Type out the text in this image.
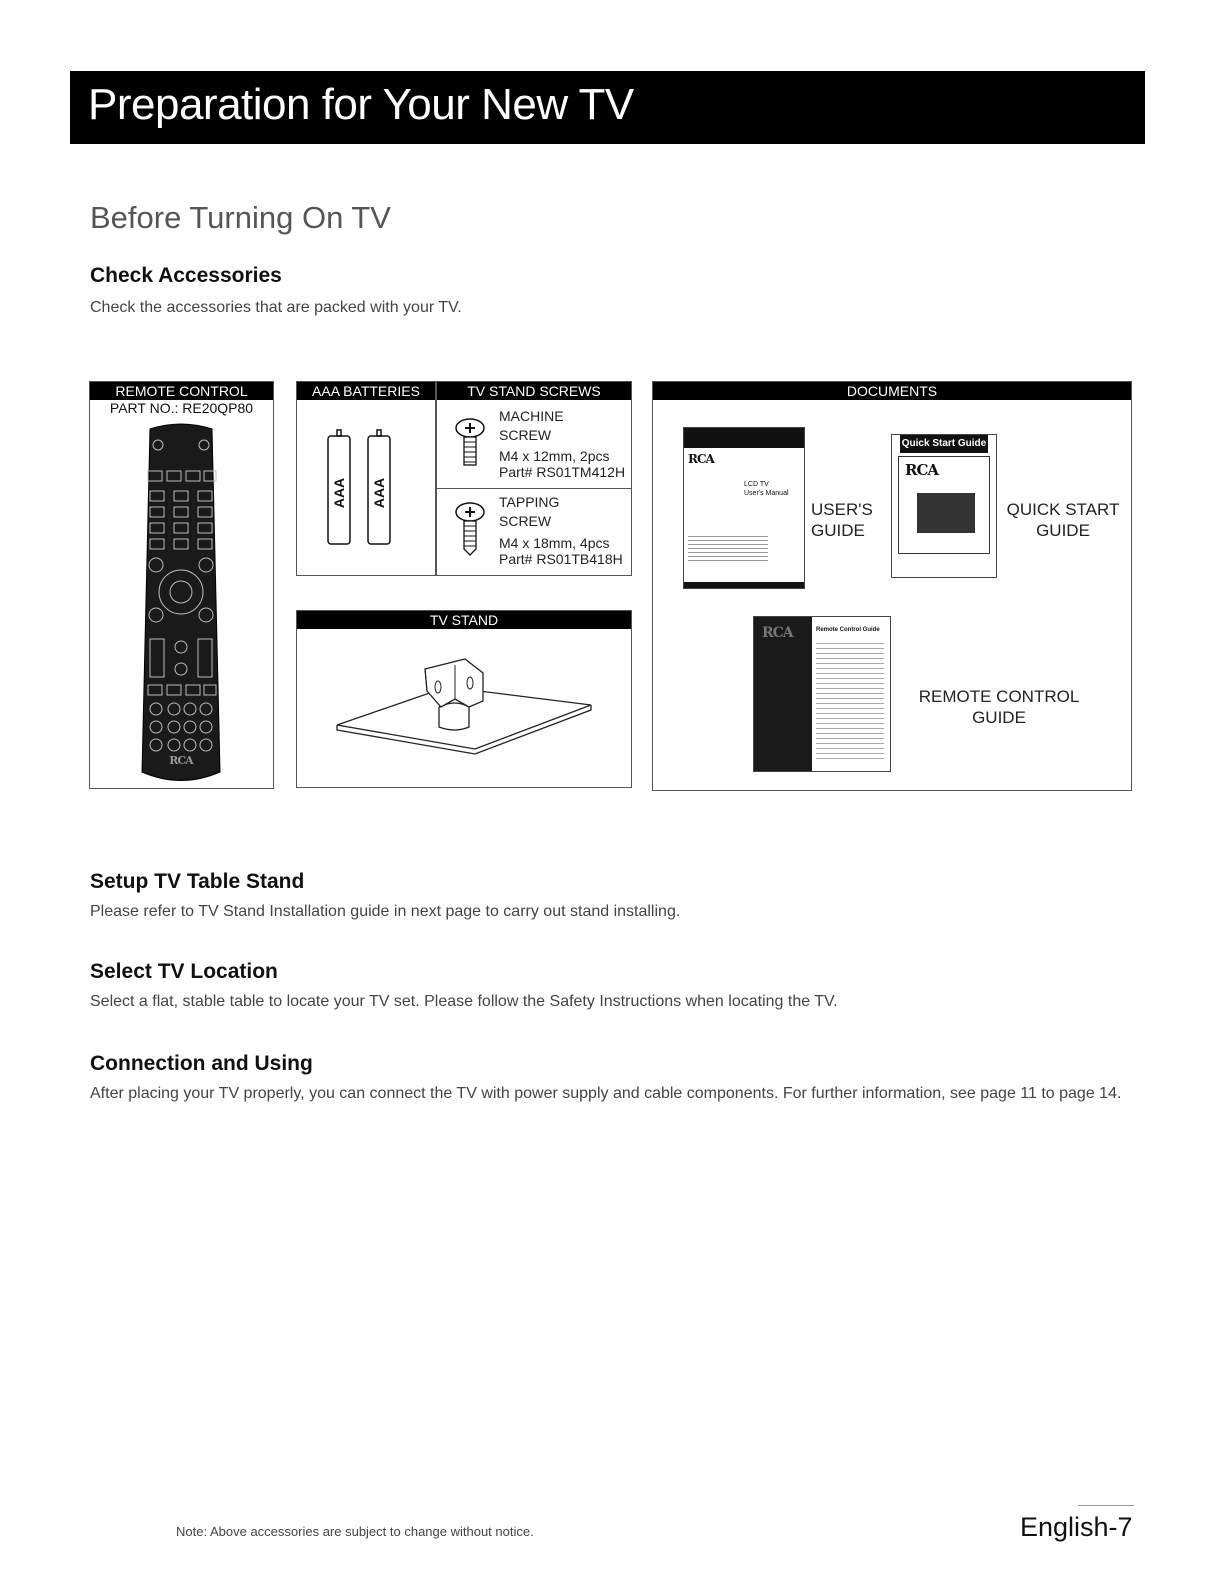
Preparation for Your New TV
Before Turning On TV
Check Accessories
Check the accessories that are packed with your TV.
REMOTE CONTROL
PART NO.: RE20QP80
RCA
AAA BATTERIES
AAA AAA
TV STAND SCREWS
MACHINE
SCREW
M4 x 12mm, 2pcs
Part# RS01TM412H
TAPPING
SCREW
M4 x 18mm, 4pcs
Part# RS01TB418H
TV STAND
DOCUMENTS
RCA
LCD TV
User's Manual
USER'S
GUIDE
Quick Start Guide
RCA
QUICK START
GUIDE
RCA	Remote Control Guide
REMOTE CONTROL
GUIDE
Setup TV Table Stand
Please refer to TV Stand Installation guide in next page to carry out stand installing.
Select TV Location
Select a flat, stable table to locate your TV set. Please follow the Safety Instructions when locating the TV.
Connection and Using
After placing your TV properly, you can connect the TV with power supply and cable components. For further information, see page 11 to page 14.
Note: Above accessories are subject to change without notice.	English-7
